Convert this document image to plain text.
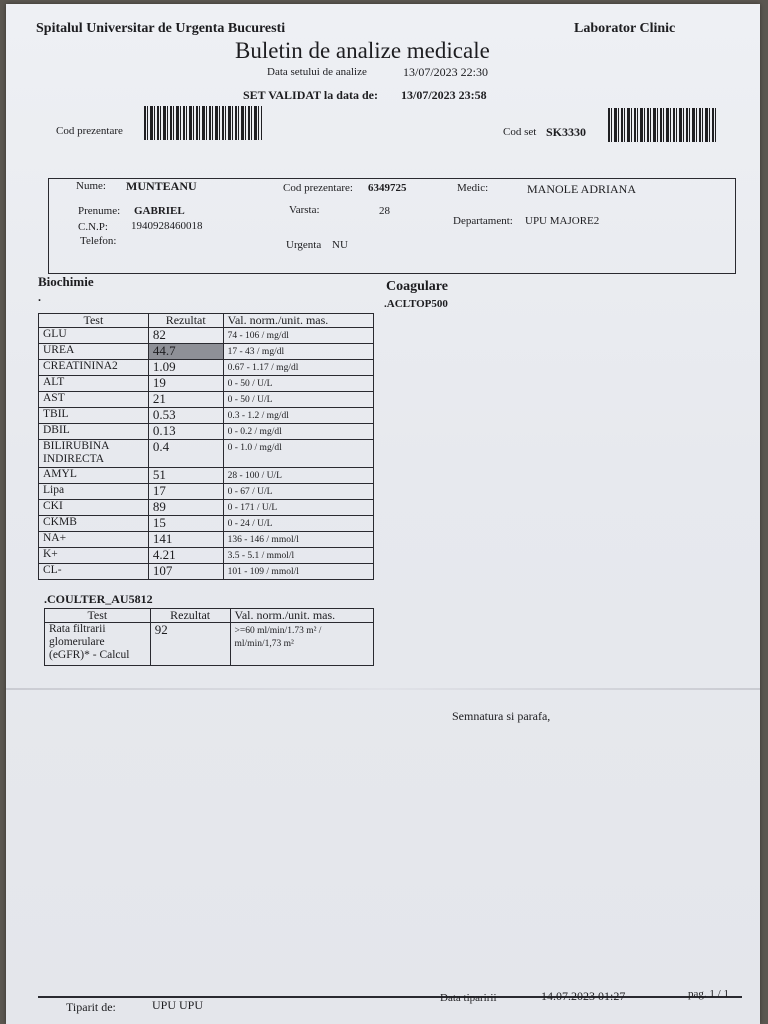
Spitalul Universitar de Urgenta Bucuresti	Laborator Clinic
Buletin de analize medicale
Data setului de analize	13/07/2023 22:30
SET VALIDAT la data de: 13/07/2023 23:58
Cod prezentare	Cod set SK3330
Nume: MUNTEANU
Prenume: GABRIEL
C.N.P: 1940928460018
Telefon:
Cod prezentare: 6349725
Varsta:	28
Urgenta NU
Medic:	MANOLE ADRIANA
Departament: UPU MAJORE2
Biochimie
.
Test	Rezultat	Val. norm./unit. mas.
GLU	82	74 - 106 / mg/dl
UREA	44.7	17 - 43 / mg/dl
CREATININA2	1.09	0.67 - 1.17 / mg/dl
ALT	19	0 - 50 / U/L
AST	21	0 - 50 / U/L
TBIL	0.53	0.3 - 1.2 / mg/dl
DBIL	0.13	0 - 0.2 / mg/dl
BILIRUBINA INDIRECTA	0.4	0 - 1.0 / mg/dl
AMYL	51	28 - 100 / U/L
Lipa	17	0 - 67 / U/L
CKI	89	0 - 171 / U/L
CKMB	15	0 - 24 / U/L
NA+	141	136 - 146 / mmol/l
K+	4.21	3.5 - 5.1 / mmol/l
CL-	107	101 - 109 / mmol/l
.COULTER_AU5812
Test	Rezultat	Val. norm./unit. mas.
Rata filtrarii glomerulare (eGFR)* - Calcul	92	>=60 ml/min/1.73 m² / ml/min/1,73 m²
Coagulare
.ACLTOP500
Semnatura si parafa,
Tiparit de:	UPU UPU	Data tiparirii	14.07.2023 01:27	pag. 1 / 1
